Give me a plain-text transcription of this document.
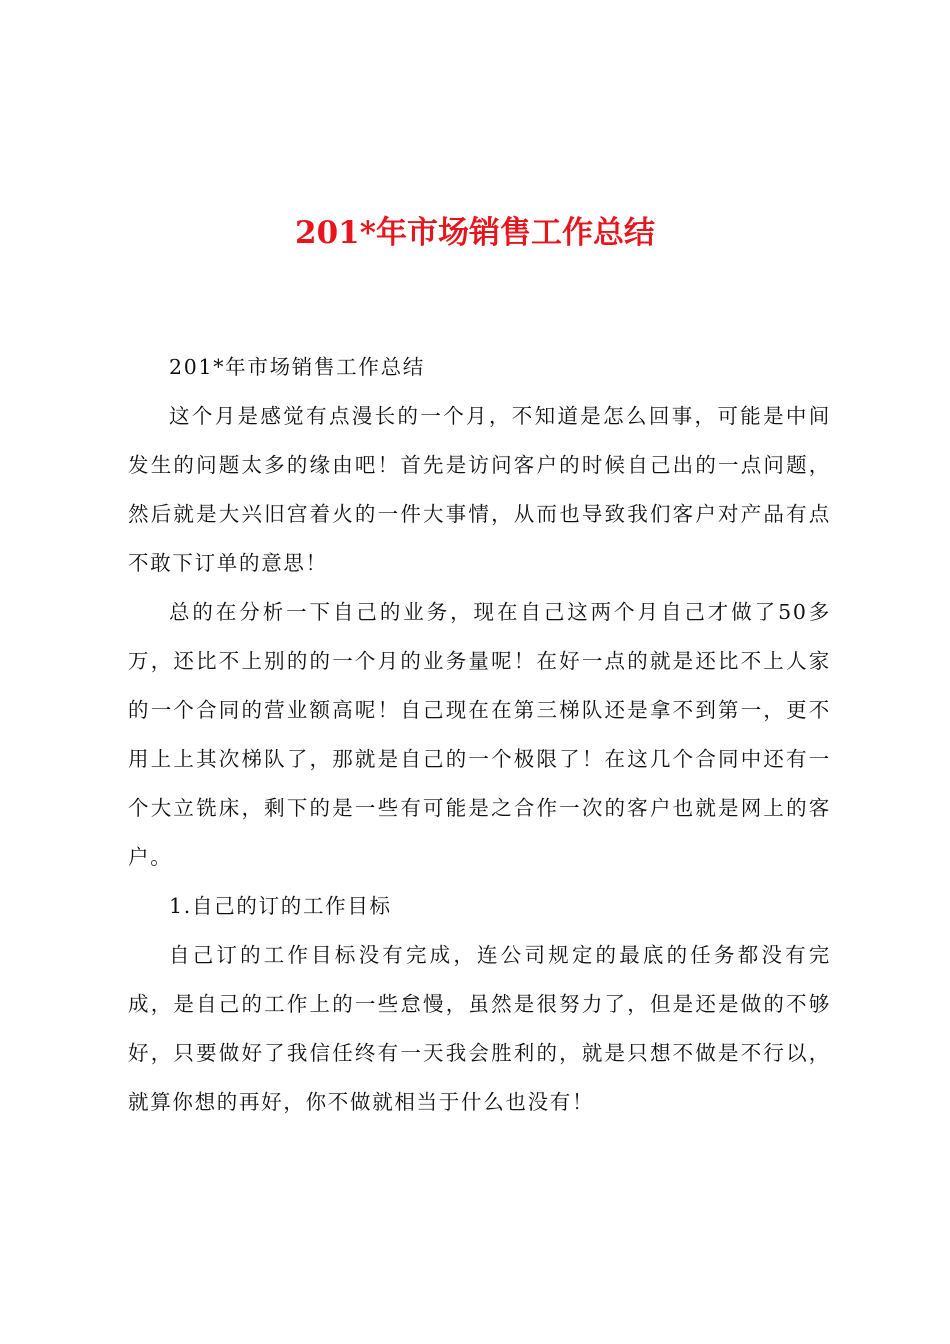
201*年市场销售工作总结

201*年市场销售工作总结

这个月是感觉有点漫长的一个月，不知道是怎么回事，可能是中间发生的问题太多的缘由吧！首先是访问客户的时候自己出的一点问题，然后就是大兴旧宫着火的一件大事情，从而也导致我们客户对产品有点不敢下订单的意思！

总的在分析一下自己的业务，现在自己这两个月自己才做了50多万，还比不上别的的一个月的业务量呢！在好一点的就是还比不上人家的一个合同的营业额高呢！自己现在在第三梯队还是拿不到第一，更不用上上其次梯队了，那就是自己的一个极限了！在这几个合同中还有一个大立铣床，剩下的是一些有可能是之合作一次的客户也就是网上的客户。

1.自己的订的工作目标

自己订的工作目标没有完成，连公司规定的最底的任务都没有完成，是自己的工作上的一些怠慢，虽然是很努力了，但是还是做的不够好，只要做好了我信任终有一天我会胜利的，就是只想不做是不行以，就算你想的再好，你不做就相当于什么也没有！
